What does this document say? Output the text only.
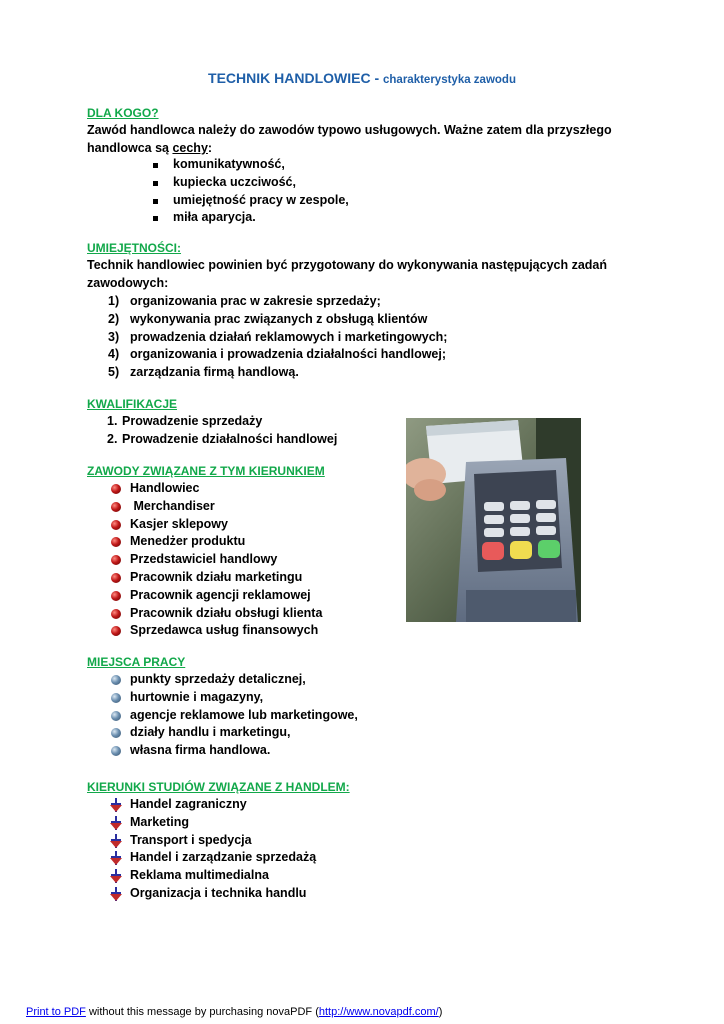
TECHNIK HANDLOWIEC - charakterystyka zawodu
DLA KOGO?
Zawód handlowca należy do zawodów typowo usługowych. Ważne zatem dla przyszłego handlowca są cechy:
komunikatywność,
kupiecka uczciwość,
umiejętność pracy w zespole,
miła aparycja.
UMIEJĘTNOŚCI:
Technik handlowiec powinien być przygotowany do wykonywania następujących zadań zawodowych:
1) organizowania prac w zakresie sprzedaży;
2) wykonywania prac związanych z obsługą klientów
3) prowadzenia działań reklamowych i marketingowych;
4) organizowania i prowadzenia działalności handlowej;
5) zarządzania firmą handlową.
KWALIFIKACJE
1. Prowadzenie sprzedaży
2. Prowadzenie działalności handlowej
ZAWODY ZWIĄZANE Z TYM KIERUNKIEM
Handlowiec
Merchandiser
Kasjer sklepowy
Menedżer produktu
Przedstawiciel handlowy
Pracownik działu marketingu
Pracownik agencji reklamowej
Pracownik działu obsługi klienta
Sprzedawca usług finansowych
MIEJSCA PRACY
punkty sprzedaży detalicznej,
hurtownie i magazyny,
agencje reklamowe lub marketingowe,
działy handlu i marketingu,
własna firma handlowa.
KIERUNKI STUDIÓW ZWIĄZANE Z HANDLEM:
Handel zagraniczny
Marketing
Transport i spedycja
Handel i zarządzanie sprzedażą
Reklama multimedialna
Organizacja i technika handlu
Print to PDF without this message by purchasing novaPDF (http://www.novapdf.com/)
